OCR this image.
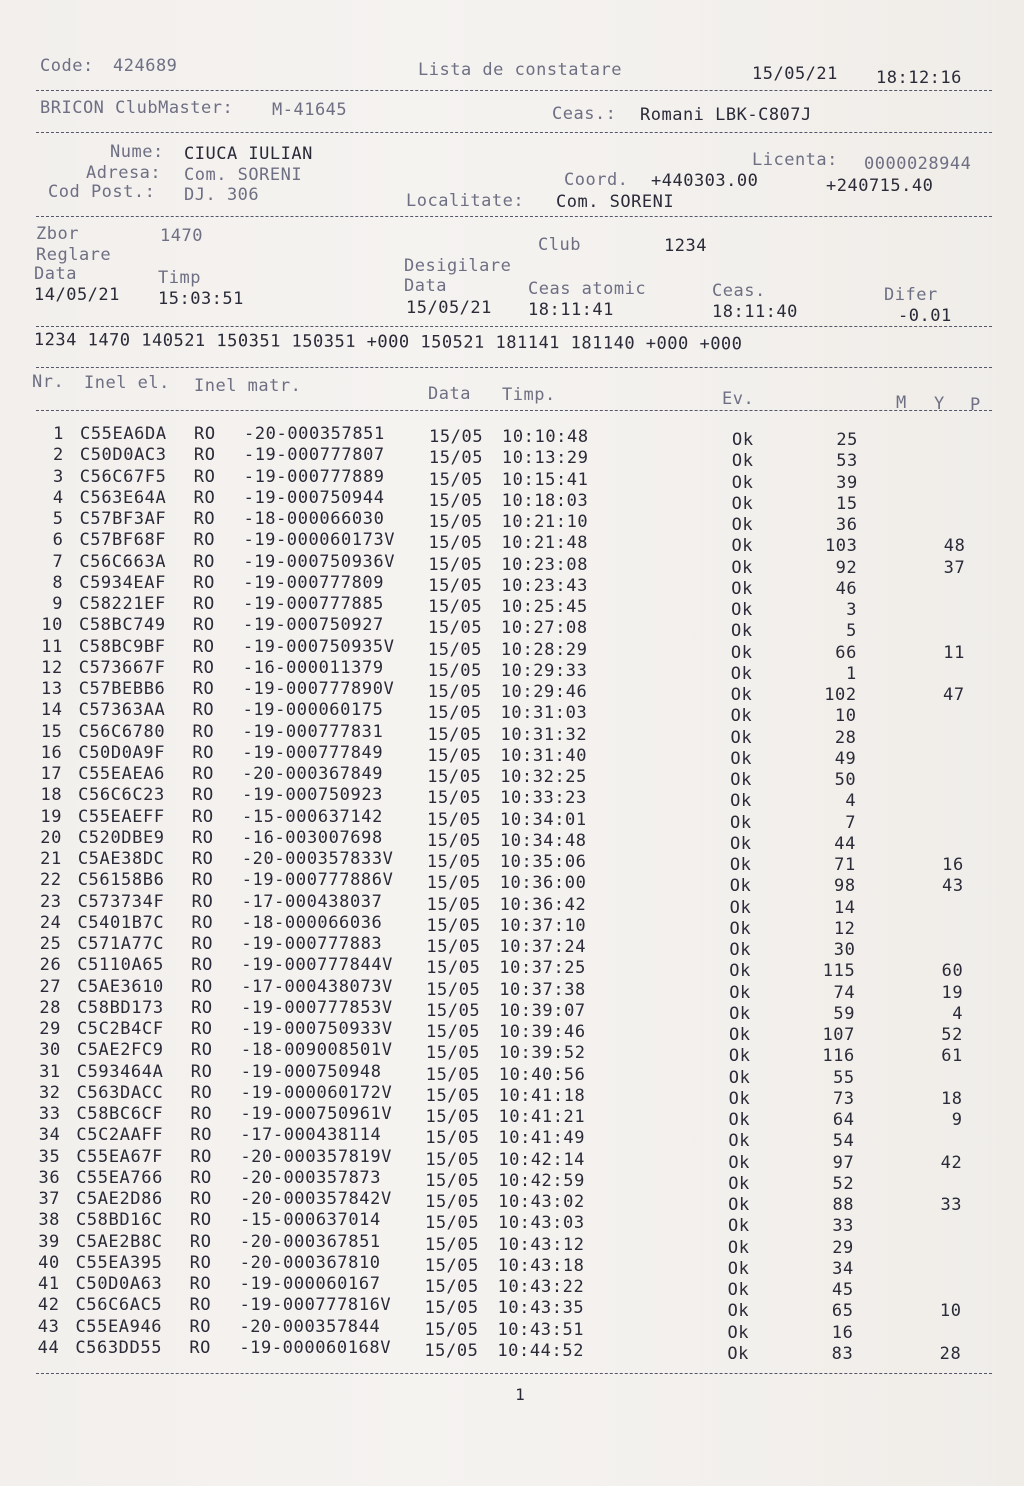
Code: 424689	Lista de constatare	15/05/21 18:12:16
BRICON ClubMaster: M-41645	Ceas.: Romani LBK-C807J
Nume: CIUCA IULIAN
Adresa: Com. SORENI
Cod Post.: DJ. 306
Licenta: 0000028944
Coord. +440303.00	+240715.40
Localitate: Com. SORENI
Zbor	1470	Club	1234
Reglare
Desigilare
Data	Timp	Data	Ceas atomic	Ceas.	Difer
14/05/21 15:03:51	15/05/21 18:11:41	18:11:40	-0.01
1234 1470 140521 150351 150351 +000 150521 181141 181140 +000 +000
Nr. Inel el. Inel matr.	Data Timp.	Ev.	M Y P
1 C55EA6DA RO -20-000357851	15/05 10:10:48	Ok	25
2 C50D0AC3 RO -19-000777807	15/05 10:13:29	Ok	53
3 C56C67F5 RO -19-000777889	15/05 10:15:41	Ok	39
4 C563E64A RO -19-000750944	15/05 10:18:03	Ok	15
5 C57BF3AF RO -18-000066030	15/05 10:21:10	Ok	36
6 C57BF68F RO -19-000060173V 15/05 10:21:48	Ok	103	48
7 C56C663A RO -19-000750936V 15/05 10:23:08	Ok	92	37
8 C5934EAF RO -19-000777809	15/05 10:23:43	Ok	46
9 C58221EF RO -19-000777885	15/05 10:25:45	Ok	3
10 C58BC749 RO -19-000750927	15/05 10:27:08	Ok	5
11 C58BC9BF RO -19-000750935V 15/05 10:28:29	Ok	66	11
12 C573667F RO -16-000011379	15/05 10:29:33	Ok	1
13 C57BEBB6 RO -19-000777890V 15/05 10:29:46	Ok	102	47
14 C57363AA RO -19-000060175	15/05 10:31:03	Ok	10
15 C56C6780 RO -19-000777831	15/05 10:31:32	Ok	28
16 C50D0A9F RO -19-000777849	15/05 10:31:40	Ok	49
17 C55EAEA6 RO -20-000367849	15/05 10:32:25	Ok	50
18 C56C6C23 RO -19-000750923	15/05 10:33:23	Ok	4
19 C55EAEFF RO -15-000637142	15/05 10:34:01	Ok	7
20 C520DBE9 RO -16-003007698	15/05 10:34:48	Ok	44
21 C5AE38DC RO -20-000357833V 15/05 10:35:06	Ok	71	16
22 C56158B6 RO -19-000777886V 15/05 10:36:00	Ok	98	43
23 C573734F RO -17-000438037	15/05 10:36:42	Ok	14
24 C5401B7C RO -18-000066036	15/05 10:37:10	Ok	12
25 C571A77C RO -19-000777883	15/05 10:37:24	Ok	30
26 C5110A65 RO -19-000777844V 15/05 10:37:25	Ok	115	60
27 C5AE3610 RO -17-000438073V 15/05 10:37:38	Ok	74	19
28 C58BD173 RO -19-000777853V 15/05 10:39:07	Ok	59	4
29 C5C2B4CF RO -19-000750933V 15/05 10:39:46	Ok	107	52
30 C5AE2FC9 RO -18-009008501V 15/05 10:39:52	Ok	116	61
31 C593464A RO -19-000750948	15/05 10:40:56	Ok	55
32 C563DACC RO -19-000060172V 15/05 10:41:18	Ok	73	18
33 C58BC6CF RO -19-000750961V 15/05 10:41:21	Ok	64	9
34 C5C2AAFF RO -17-000438114	15/05 10:41:49	Ok	54
35 C55EA67F RO -20-000357819V 15/05 10:42:14	Ok	97	42
36 C55EA766 RO -20-000357873	15/05 10:42:59	Ok	52
37 C5AE2D86 RO -20-000357842V 15/05 10:43:02	Ok	88	33
38 C58BD16C RO -15-000637014	15/05 10:43:03	Ok	33
39 C5AE2B8C RO -20-000367851	15/05 10:43:12	Ok	29
40 C55EA395 RO -20-000367810	15/05 10:43:18	Ok	34
41 C50D0A63 RO -19-000060167	15/05 10:43:22	Ok	45
42 C56C6AC5 RO -19-000777816V 15/05 10:43:35	Ok	65	10
43 C55EA946 RO -20-000357844	15/05 10:43:51	Ok	16
44 C563DD55 RO -19-000060168V 15/05 10:44:52	Ok	83	28
1
